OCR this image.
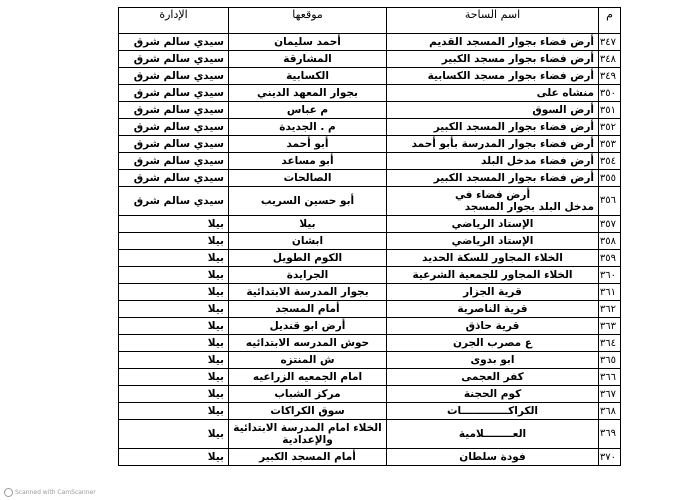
م	اسم الساحة	موقعها	الإدارة
٣٤٧	أرض فضاء بجوار المسجد القديم	أحمد سليمان	سيدي سالم شرق
٣٤٨	أرض فضاء بجوار مسجد الكبير	المشارقة	سيدي سالم شرق
٣٤٩	أرض فضاء بجوار مسجد الكسابية	الكسابية	سيدي سالم شرق
٣٥٠	منشاه على	بجوار المعهد الديني	سيدي سالم شرق
٣٥١	أرض السوق	م عباس	سيدي سالم شرق
٣٥٢	أرض فضاء بجوار المسجد الكبير	م . الجديدة	سيدي سالم شرق
٣٥٣	أرض فضاء بجوار المدرسة بأبو أحمد	أبو أحمد	سيدي سالم شرق
٣٥٤	أرض فضاء مدخل البلد	أبو مساعد	سيدي سالم شرق
٣٥٥	أرض فضاء بجوار المسجد الكبير	الصالحات	سيدي سالم شرق
٣٥٦	أرض فضاء في
مدخل البلد بجوار المسجد	أبو حسين السريب	سيدي سالم شرق
٣٥٧	الإستاد الرياضي	بيلا	بيلا
٣٥٨	الإستاد الرياضي	ابشان	بيلا
٣٥٩	الخلاء المجاور للسكة الحديد	الكوم الطويل	بيلا
٣٦٠	الخلاء المجاور للجمعية الشرعية	الجرايدة	بيلا
٣٦١	قرية الجزار	بجوار المدرسة الابتدائية	بيلا
٣٦٢	قرية الناصرية	أمام المسجد	بيلا
٣٦٣	قرية حاذق	أرض ابو قنديل	بيلا
٣٦٤	ع مصرب الجرن	حوش المدرسه الابتدائيه	بيلا
٣٦٥	ابو بدوى	ش المنتزه	بيلا
٣٦٦	كفر العجمى	امام الجمعيه الزراعيه	بيلا
٣٦٧	كوم الحجنة	مركز الشباب	بيلا
٣٦٨	الكراكـــــــــــــات	سوق الكراكات	بيلا
٣٦٩	العــــــــلامية	الخلاء امام المدرسة الابتدائية
والإعدادية	بيلا
٣٧٠	فودة سلطان	أمام المسجد الكبير	بيلا
Scanned with CamScanner
